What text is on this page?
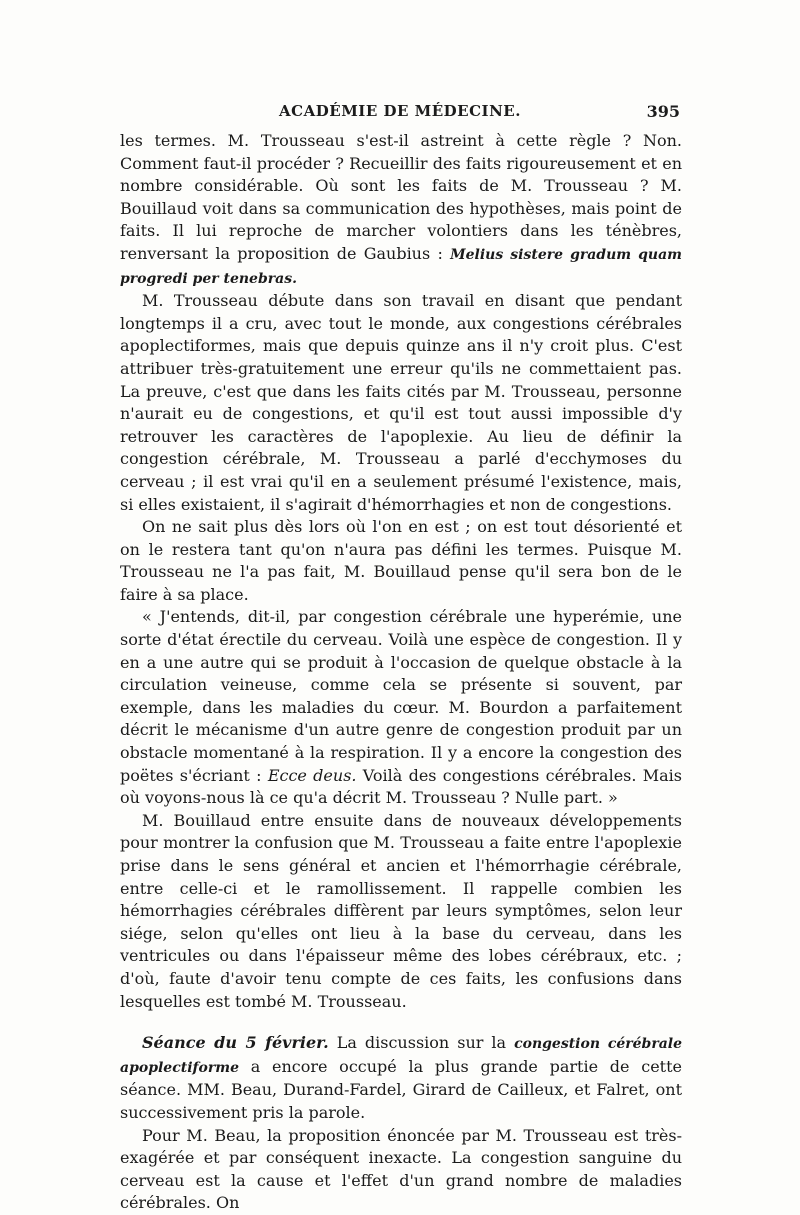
ACADÉMIE DE MÉDECINE.	395

les termes. M. Trousseau s'est-il astreint à cette règle ? Non. Comment faut-il procéder ? Recueillir des faits rigoureusement et en nombre considérable. Où sont les faits de M. Trousseau ? M. Bouillaud voit dans sa communication des hypothèses, mais point de faits. Il lui reproche de marcher volontiers dans les ténèbres, renversant la proposition de Gaubius : Melius sistere gradum quam progredi per tenebras.

M. Trousseau débute dans son travail en disant que pendant longtemps il a cru, avec tout le monde, aux congestions cérébrales apoplectiformes, mais que depuis quinze ans il n'y croit plus. C'est attribuer très-gratuitement une erreur qu'ils ne commettaient pas. La preuve, c'est que dans les faits cités par M. Trousseau, personne n'aurait eu de congestions, et qu'il est tout aussi impossible d'y retrouver les caractères de l'apoplexie. Au lieu de définir la congestion cérébrale, M. Trousseau a parlé d'ecchymoses du cerveau ; il est vrai qu'il en a seulement présumé l'existence, mais, si elles existaient, il s'agirait d'hémorrhagies et non de congestions.

On ne sait plus dès lors où l'on en est ; on est tout désorienté et on le restera tant qu'on n'aura pas défini les termes. Puisque M. Trousseau ne l'a pas fait, M. Bouillaud pense qu'il sera bon de le faire à sa place.

« J'entends, dit-il, par congestion cérébrale une hyperémie, une sorte d'état érectile du cerveau. Voilà une espèce de congestion. Il y en a une autre qui se produit à l'occasion de quelque obstacle à la circulation veineuse, comme cela se présente si souvent, par exemple, dans les maladies du cœur. M. Bourdon a parfaitement décrit le mécanisme d'un autre genre de congestion produit par un obstacle momentané à la respiration. Il y a encore la congestion des poëtes s'écriant : Ecce deus. Voilà des congestions cérébrales. Mais où voyons-nous là ce qu'a décrit M. Trousseau ? Nulle part. »

M. Bouillaud entre ensuite dans de nouveaux développements pour montrer la confusion que M. Trousseau a faite entre l'apoplexie prise dans le sens général et ancien et l'hémorrhagie cérébrale, entre celle-ci et le ramollissement. Il rappelle combien les hémorrhagies cérébrales diffèrent par leurs symptômes, selon leur siége, selon qu'elles ont lieu à la base du cerveau, dans les ventricules ou dans l'épaisseur même des lobes cérébraux, etc. ; d'où, faute d'avoir tenu compte de ces faits, les confusions dans lesquelles est tombé M. Trousseau.

Séance du 5 février. La discussion sur la congestion cérébrale apoplectiforme a encore occupé la plus grande partie de cette séance. MM. Beau, Durand-Fardel, Girard de Cailleux, et Falret, ont successivement pris la parole.

Pour M. Beau, la proposition énoncée par M. Trousseau est très-exagérée et par conséquent inexacte. La congestion sanguine du cerveau est la cause et l'effet d'un grand nombre de maladies cérébrales. On
